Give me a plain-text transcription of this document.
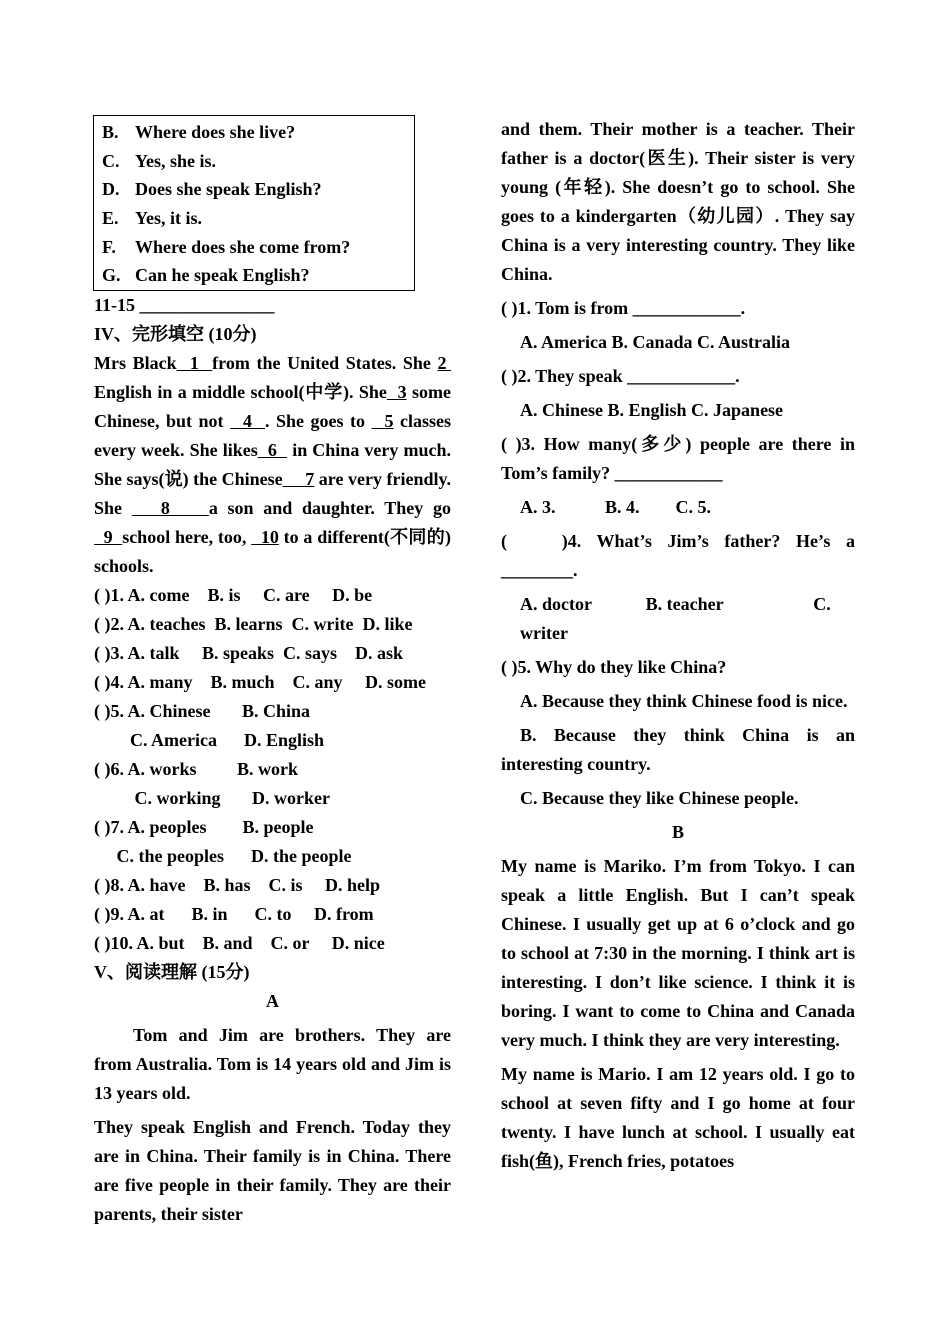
B. Where does she live?
C. Yes, she is.
D. Does she speak English?
E. Yes, it is.
F. Where does she come from?
G. Can he speak English?

11-15 _______________

IV、完形填空 (10分)

Mrs Black  1  from the United States. She 2  English in a middle school(中学). She  3 some Chinese, but not   4  . She goes to   5 classes every week. She likes  6   in China very much. She says(说) the Chinese     7 are very friendly. She    8    a son and daughter. They go  9  school here, too,   10 to a different(不同的) schools.

( )1. A. come    B. is     C. are     D. be

( )2. A. teaches  B. learns  C. write  D. like

( )3. A. talk     B. speaks  C. says    D. ask

( )4. A. many    B. much    C. any     D. some

( )5. A. Chinese       B. China

C. America      D. English

( )6. A. works         B. work

C. working       D. worker

( )7. A. peoples        B. people

C. the peoples      D. the people

( )8. A. have    B. has    C. is     D. help

( )9. A. at      B. in      C. to     D. from

( )10. A. but    B. and    C. or     D. nice

V、阅读理解 (15分)

A

Tom and Jim are brothers. They are from Australia. Tom is 14 years old and Jim is 13 years old.

They speak English and French. Today they are in China. Their family is in China. There are five people in their family. They are their parents, their sister

and them. Their mother is a teacher. Their father is a doctor(医生). Their sister is very young (年轻). She doesn’t go to school. She goes to a kindergarten（幼儿园）. They say China is a very interesting country. They like China.

( )1. Tom is from ____________.

A. America B. Canada C. Australia

( )2. They speak ____________.

A. Chinese B. English C. Japanese

( )3. How many(多少) people are there in Tom’s family? ____________

A. 3.           B. 4.        C. 5.

(       )4.  What’s  Jim’s  father?  He’s  a ________.

A. doctor            B. teacher                    C. writer

( )5. Why do they like China?

A. Because they think Chinese food is nice.

B. Because they think China is an interesting country.

C. Because they like Chinese people.

B

My name is Mariko. I’m from Tokyo. I can speak a little English. But I can’t speak Chinese. I usually get up at 6 o’clock and go to school at 7:30 in the morning. I think art is interesting. I don’t like science. I think it is boring. I want to come to China and Canada very much. I think they are very interesting.

My name is Mario. I am 12 years old. I go to school at seven fifty and I go home at four twenty. I have lunch at school. I usually eat fish(鱼), French fries, potatoes
